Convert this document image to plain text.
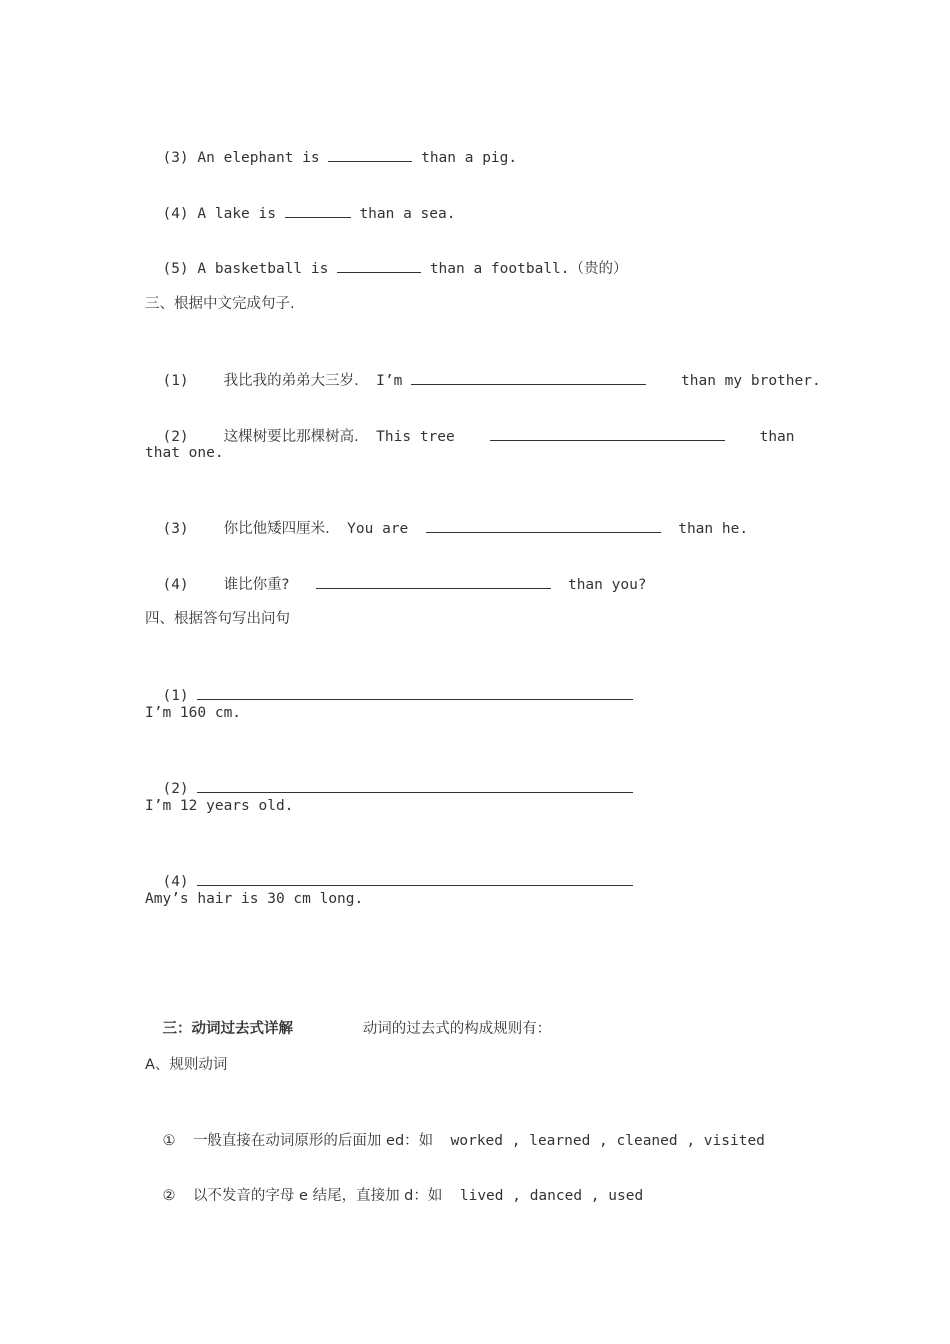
(3) An elephant is	than a pig.

(4) A lake is	than a sea.

(5) A basketball is	than a football.（贵的）

三、根据中文完成句子.

(1) 我比我的弟弟大三岁. I’m	than my brother.

(2) 这棵树要比那棵树高. This tree	than

that one.

(3) 你比他矮四厘米. You are	than he.

(4) 谁比你重?	than you?

四、根据答句写出问句

(1)

I’m 160 cm.

(2)

I’m 12 years old.

(4)

Amy’s hair is 30 cm long.

三：动词过去式详解	动词的过去式的构成规则有：

A、规则动词

① 一般直接在动词原形的后面加 ed：如 worked , learned , cleaned , visited

② 以不发音的字母 e 结尾，直接加 d：如 lived , danced , used
